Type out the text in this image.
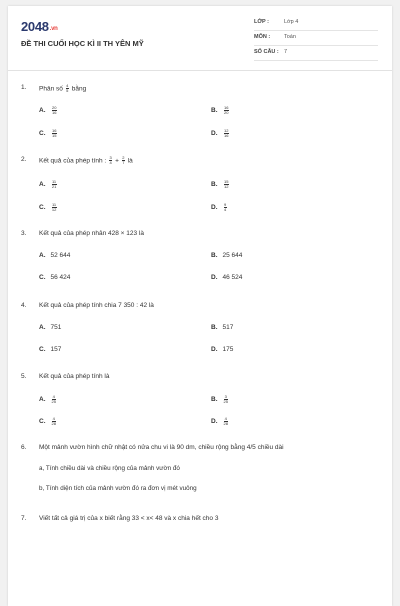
2048.vn
ĐỀ THI CUỐI HỌC KÌ II TH YÊN MỸ
LỚP :	Lớp 4
MÔN :	Toán
SỐ CÂU : 7
1. Phân số $\frac{4}{5}$ bằng
A. $\frac{20}{16}$	B. $\frac{16}{20}$
C. $\frac{16}{15}$	D. $\frac{12}{16}$
2. Kết quả của phép tính : $\frac{3}{4} + \frac{2}{7}$ là
A. $\frac{11}{21}$	B. $\frac{15}{12}$
C. $\frac{11}{12}$	D. $\frac{9}{4}$
3. Kết quả của phép nhân 428 × 123 là
A. 52 644	B. 25 644
C. 56 424	D. 46 524
4. Kết quả của phép tính chia 7 350 : 42 là
A. 751	B. 517
C. 157	D. 175
5. Kết quả của phép tính là
A. $\frac{4}{25}$	B. $\frac{3}{25}$
C. $\frac{4}{28}$	D. $\frac{4}{28}$
6. Một mảnh vườn hình chữ nhật có nửa chu vi là 90 dm, chiều rộng bằng 4/5 chiều dài
a, Tính chiều dài và chiều rộng của mảnh vườn đó
b, Tính diện tích của mảnh vườn đó ra đơn vị mét vuông
7. Viết tất cả giá trị của x biết rằng 33 < x< 48 và x chia hết cho 3
